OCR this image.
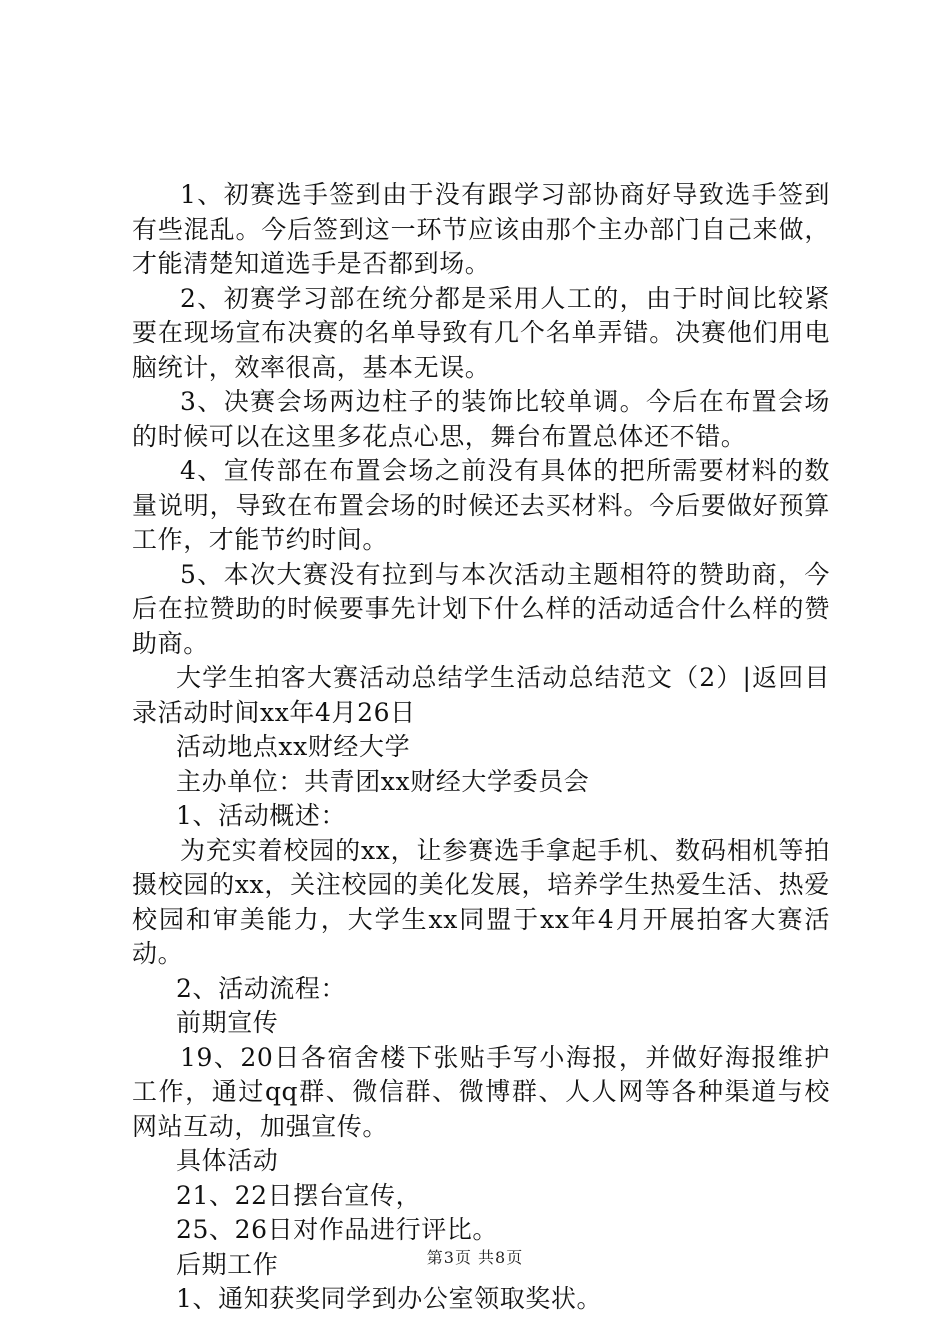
1、初赛选手签到由于没有跟学习部协商好导致选手签到有些混乱。今后签到这一环节应该由那个主办部门自己来做，才能清楚知道选手是否都到场。

2、初赛学习部在统分都是采用人工的，由于时间比较紧要在现场宣布决赛的名单导致有几个名单弄错。决赛他们用电脑统计，效率很高，基本无误。

3、决赛会场两边柱子的装饰比较单调。今后在布置会场的时候可以在这里多花点心思，舞台布置总体还不错。

4、宣传部在布置会场之前没有具体的把所需要材料的数量说明，导致在布置会场的时候还去买材料。今后要做好预算工作，才能节约时间。

5、本次大赛没有拉到与本次活动主题相符的赞助商，今后在拉赞助的时候要事先计划下什么样的活动适合什么样的赞助商。

大学生拍客大赛活动总结学生活动总结范文（2）|返回目录活动时间xx年4月26日

活动地点xx财经大学

主办单位：共青团xx财经大学委员会

1、活动概述：

为充实着校园的xx，让参赛选手拿起手机、数码相机等拍摄校园的xx，关注校园的美化发展，培养学生热爱生活、热爱校园和审美能力，大学生xx同盟于xx年4月开展拍客大赛活动。

2、活动流程：

前期宣传

19、20日各宿舍楼下张贴手写小海报，并做好海报维护工作，通过qq群、微信群、微博群、人人网等各种渠道与校网站互动，加强宣传。

具体活动

21、22日摆台宣传，

25、26日对作品进行评比。

后期工作

1、通知获奖同学到办公室领取奖状。

第3页 共8页
